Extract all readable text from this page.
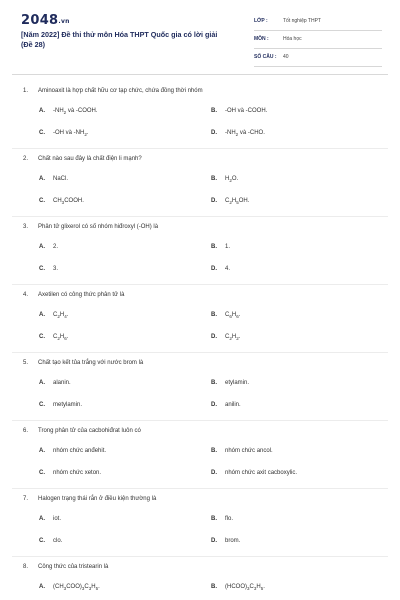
2048.vn
[Năm 2022] Đề thi thử môn Hóa THPT Quốc gia có lời giải (Đề 28)
LỚP :	Tốt nghiệp THPT
MÔN :	Hóa học
SỐ CÂU : 40
1. Aminoaxit là hợp chất hữu cơ tạp chức, chứa đồng thời nhóm
A. $-NH_2$ và -COOH.	B. -OH và -COOH.
C. -OH và $-NH_2$.	D. $-NH_2$ và -CHO.
2. Chất nào sau đây là chất điện li mạnh?
A. NaCl.	B. $H_2O$.
C. $CH_3COOH$.	D. $C_2H_5OH$.
3. Phân tử glixerol có số nhóm hiđroxyl (-OH) là
A. 2.	B. 1.
C. 3.	D. 4.
4. Axetilen có công thức phân tử là
A. $C_2H_4$.	B. $C_6H_6$.
C. $C_2H_6$.	D. $C_2H_2$.
5. Chất tạo kết tủa trắng với nước brom là
A. alanin.	B. etylamin.
C. metylamin.	D. anilin.
6. Trong phân tử của cacbohiđrat luôn có
A. nhóm chức anđehit.	B. nhóm chức ancol.
C. nhóm chức xeton.	D. nhóm chức axit cacboxylic.
7. Halogen trạng thái rắn ở điều kiện thường là
A. iot.	B. flo.
C. clo.	D. brom.
8. Công thức của tristearin là
A. $(CH_3COO)_3C_3H_5$.	B. $(HCOO)_3C_3H_5$.
